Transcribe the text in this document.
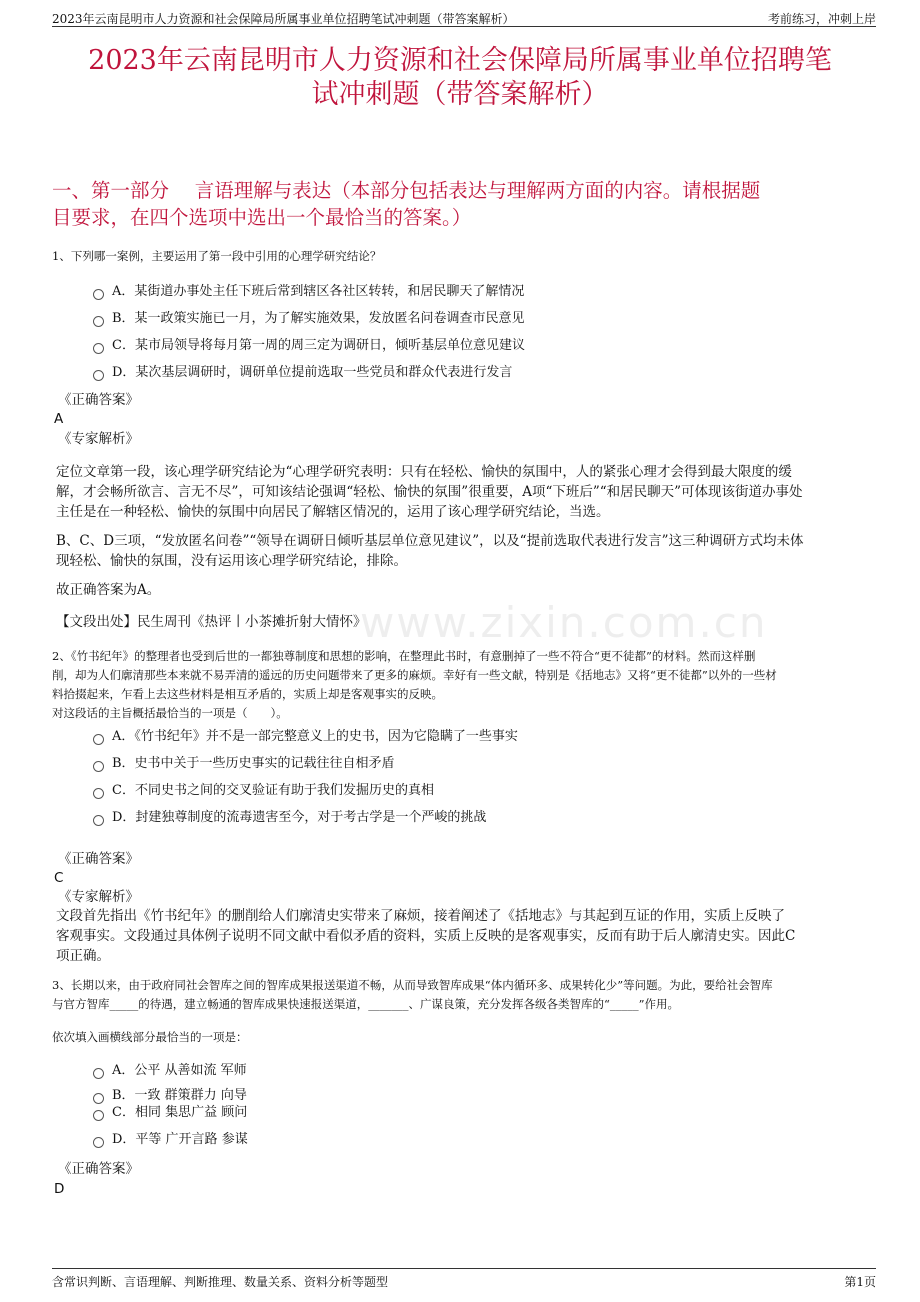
2023年云南昆明市人力资源和社会保障局所属事业单位招聘笔试冲刺题（带答案解析）	考前练习，冲刺上岸
2023年云南昆明市人力资源和社会保障局所属事业单位招聘笔
试冲刺题（带答案解析）
一、第一部分　 言语理解与表达（本部分包括表达与理解两方面的内容。请根据题
目要求，在四个选项中选出一个最恰当的答案。）
1、下列哪一案例，主要运用了第一段中引用的心理学研究结论？
A．某街道办事处主任下班后常到辖区各社区转转，和居民聊天了解情况
B．某一政策实施已一月，为了解实施效果，发放匿名问卷调查市民意见
C．某市局领导将每月第一周的周三定为调研日，倾听基层单位意见建议
D．某次基层调研时，调研单位提前选取一些党员和群众代表进行发言
《正确答案》
A
《专家解析》
定位文章第一段，该心理学研究结论为“心理学研究表明：只有在轻松、愉快的氛围中，人的紧张心理才会得到最大限度的缓
解，才会畅所欲言、言无不尽”，可知该结论强调“轻松、愉快的氛围”很重要，A项“下班后”“和居民聊天”可体现该街道办事处
主任是在一种轻松、愉快的氛围中向居民了解辖区情况的，运用了该心理学研究结论，当选。
B、C、D三项，“发放匿名问卷”“领导在调研日倾听基层单位意见建议”，以及“提前选取代表进行发言”这三种调研方式均未体
现轻松、愉快的氛围，没有运用该心理学研究结论，排除。
故正确答案为A。
【文段出处】民生周刊《热评丨小茶摊折射大情怀》
www.zixin.com.cn
2、《竹书纪年》的整理者也受到后世的一都独尊制度和思想的影响，在整理此书时，有意删掉了一些不符合“更不徒都”的材料。然而这样删
削，却为人们廓清那些本来就不易弄清的遥远的历史问题带来了更多的麻烦。幸好有一些文献，特别是《括地志》又将“更不徒都”以外的一些材
料拾掇起来，乍看上去这些材料是相互矛盾的，实质上却是客观事实的反映。
对这段话的主旨概括最恰当的一项是（　　）。
A．《竹书纪年》并不是一部完整意义上的史书，因为它隐瞒了一些事实
B．史书中关于一些历史事实的记载往往自相矛盾
C．不同史书之间的交叉验证有助于我们发掘历史的真相
D．封建独尊制度的流毒遗害至今，对于考古学是一个严峻的挑战
《正确答案》
C
《专家解析》
文段首先指出《竹书纪年》的删削给人们廓清史实带来了麻烦，接着阐述了《括地志》与其起到互证的作用，实质上反映了
客观事实。文段通过具体例子说明不同文献中看似矛盾的资料，实质上反映的是客观事实，反而有助于后人廓清史实。因此C
项正确。
3、长期以来，由于政府同社会智库之间的智库成果报送渠道不畅，从而导致智库成果“体内循环多、成果转化少”等问题。为此，要给社会智库
与官方智库_____的待遇，建立畅通的智库成果快速报送渠道，_______、广谋良策，充分发挥各级各类智库的“_____”作用。
依次填入画横线部分最恰当的一项是：
A．公平 从善如流 军师
B．一致 群策群力 向导
C．相同 集思广益 顾问
D．平等 广开言路 参谋
《正确答案》
D
含常识判断、言语理解、判断推理、数量关系、资料分析等题型	第1页
